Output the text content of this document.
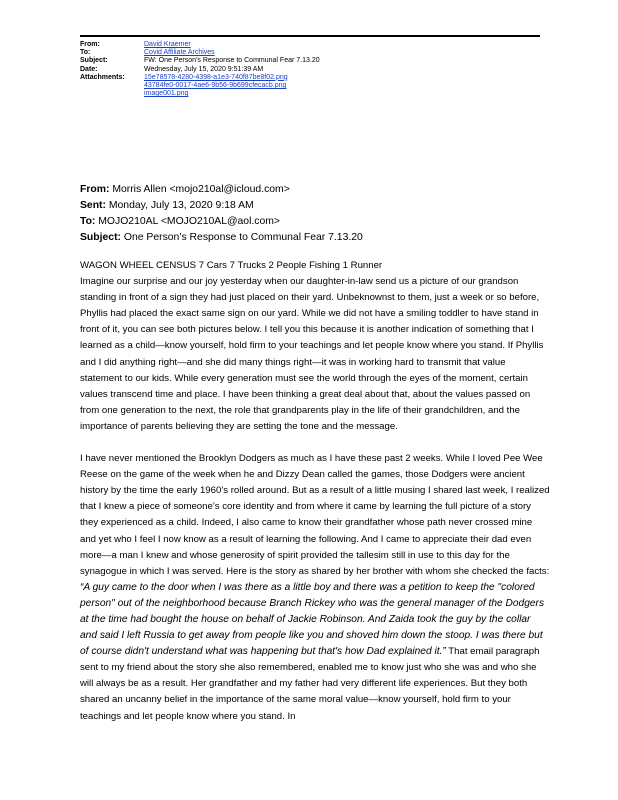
From:	David Kraemer
To:	Covid Affiliate Archives
Subject:	FW: One Person’s Response to Communal Fear 7.13.20
Date:	Wednesday, July 15, 2020 9:51:39 AM
Attachments:	15e78578-4280-4398-a1e3-740f87be8f02.png
43784fe0-0017-4ae6-9b56-9b699cfecacb.png
image001.png
From: Morris Allen <mojo210al@icloud.com>
Sent: Monday, July 13, 2020 9:18 AM
To: MOJO210AL <MOJO210AL@aol.com>
Subject: One Person’s Response to Communal Fear 7.13.20

WAGON WHEEL CENSUS 7 Cars 7 Trucks 2 People Fishing 1 Runner

Imagine our surprise and our joy yesterday when our daughter-in-law send us a picture of our grandson standing in front of a sign they had just placed on their yard. Unbeknownst to them, just a week or so before, Phyllis had placed the exact same sign on our yard. While we did not have a smiling toddler to have stand in front of it, you can see both pictures below. I tell you this because it is another indication of something that I learned as a child—know yourself, hold firm to your teachings and let people know where you stand. If Phyllis and I did anything right—and she did many things right—it was in working hard to transmit that value statement to our kids. While every generation must see the world through the eyes of the moment, certain values transcend time and place. I have been thinking a great deal about that, about the values passed on from one generation to the next, the role that grandparents play in the life of their grandchildren, and the importance of parents believing they are setting the tone and the message.

I have never mentioned the Brooklyn Dodgers as much as I have these past 2 weeks. While I loved Pee Wee Reese on the game of the week when he and Dizzy Dean called the games, those Dodgers were ancient history by the time the early 1960’s rolled around. But as a result of a little musing I shared last week, I realized that I knew a piece of someone’s core identity and from where it came by learning the full picture of a story they experienced as a child. Indeed, I also came to know their grandfather whose path never crossed mine and yet who I feel I now know as a result of learning the following. And I came to appreciate their dad even more—a man I knew and whose generosity of spirit provided the tallesim still in use to this day for the synagogue in which I was served. Here is the story as shared by her brother with whom she checked the facts: “A guy came to the door when I was there as a little boy and there was a petition to keep the "colored person" out of the neighborhood because Branch Rickey who was the general manager of the Dodgers at the time had bought the house on behalf of Jackie Robinson. And Zaida took the guy by the collar and said I left Russia to get away from people like you and shoved him down the stoop. I was there but of course didn't understand what was happening but that's how Dad explained it.” That email paragraph sent to my friend about the story she also remembered, enabled me to know just who she was and who she will always be as a result. Her grandfather and my father had very different life experiences. But they both shared an uncanny belief in the importance of the same moral value—know yourself, hold firm to your teachings and let people know where you stand. In
